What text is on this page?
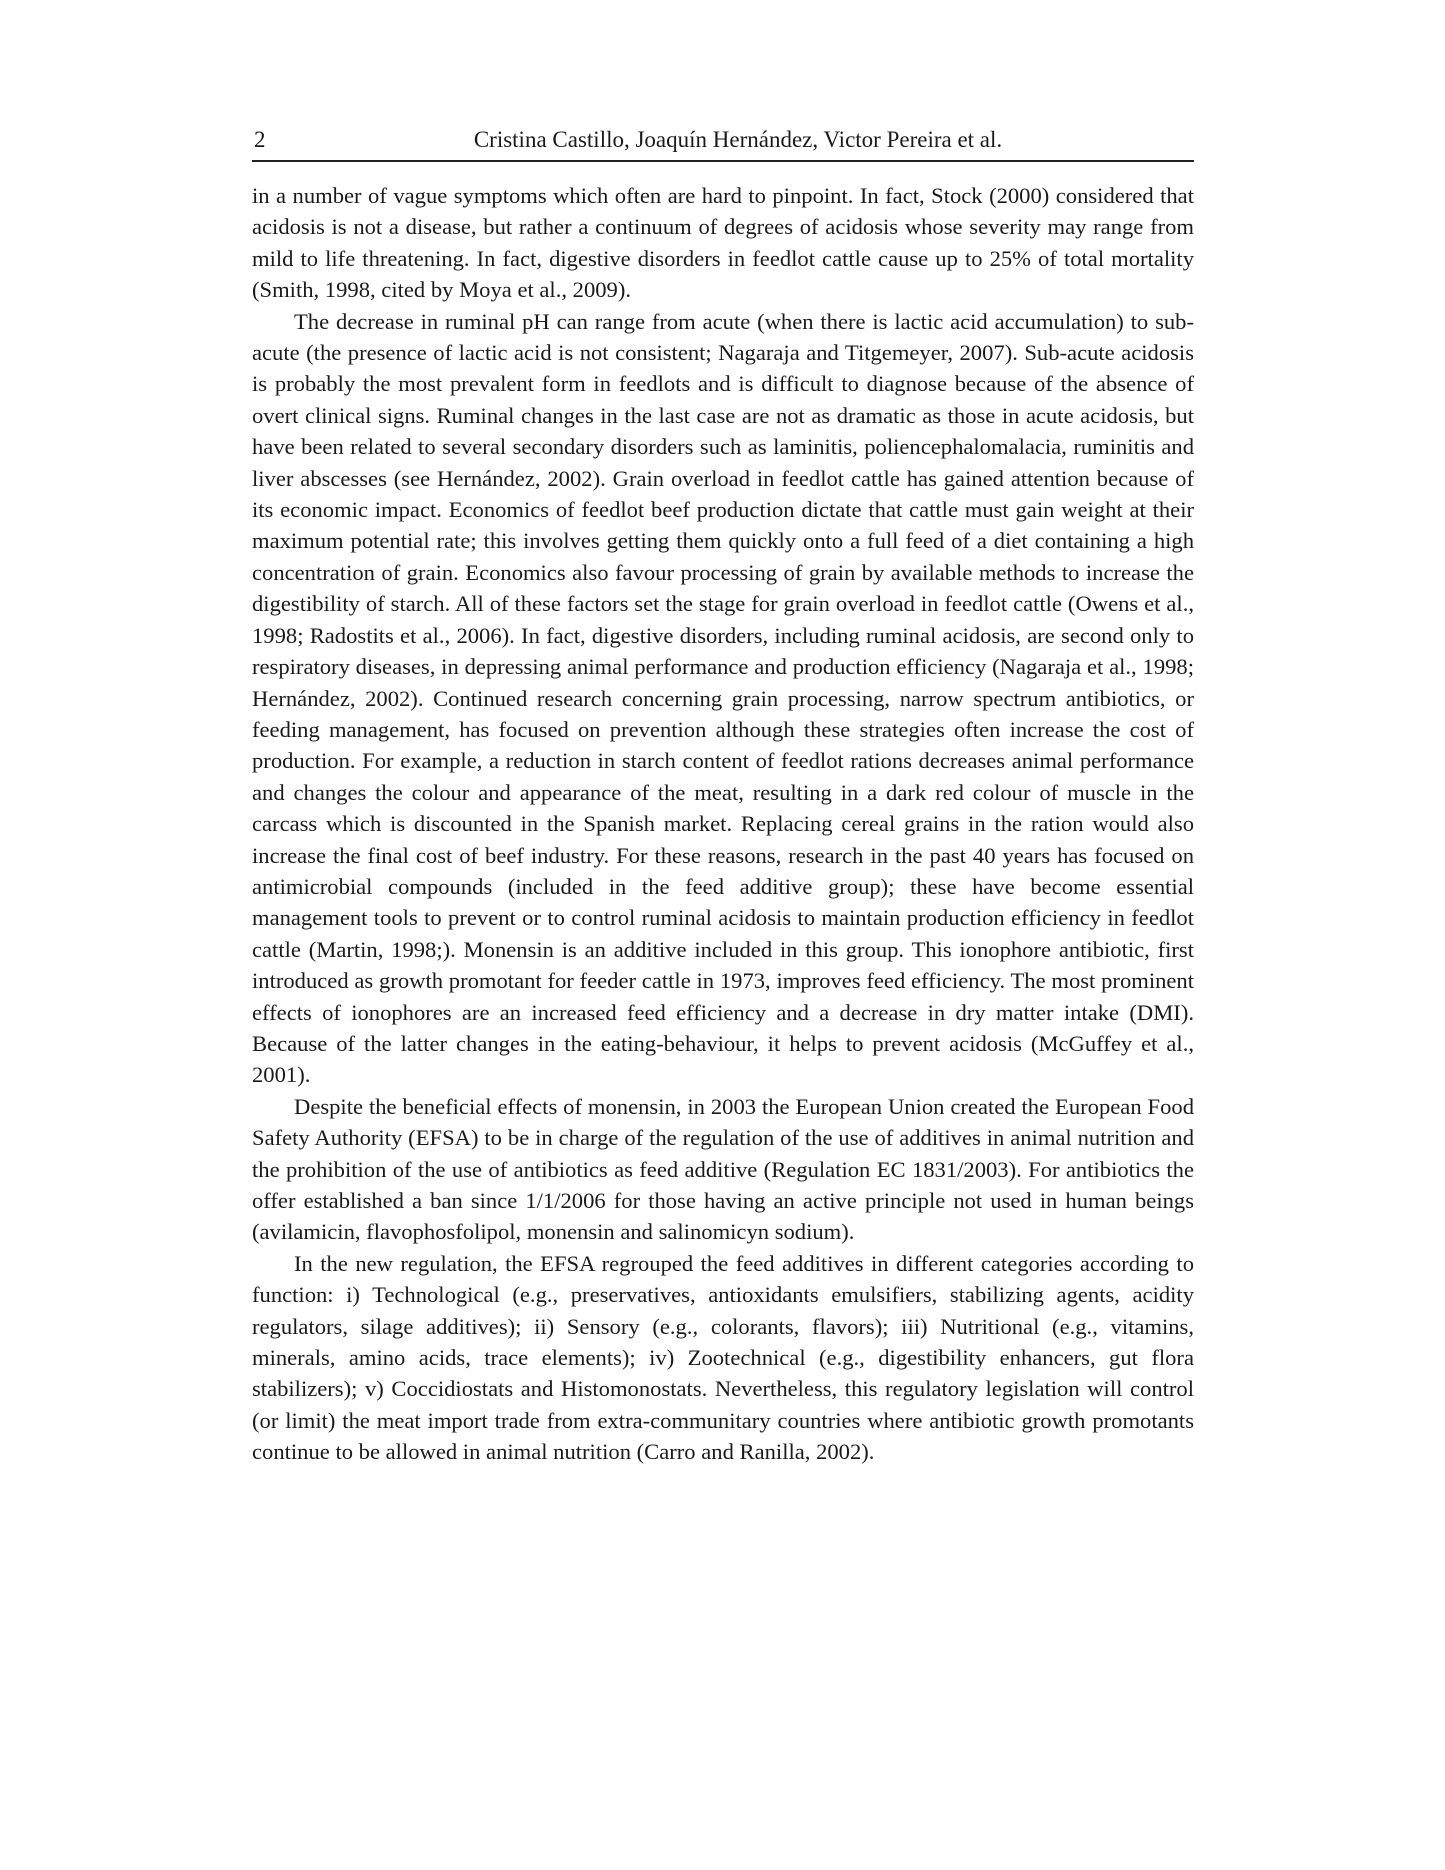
2	Cristina Castillo, Joaquín Hernández, Victor Pereira et al.

in a number of vague symptoms which often are hard to pinpoint. In fact, Stock (2000) considered that acidosis is not a disease, but rather a continuum of degrees of acidosis whose severity may range from mild to life threatening. In fact, digestive disorders in feedlot cattle cause up to 25% of total mortality (Smith, 1998, cited by Moya et al., 2009).

The decrease in ruminal pH can range from acute (when there is lactic acid accumulation) to sub-acute (the presence of lactic acid is not consistent; Nagaraja and Titgemeyer, 2007). Sub-acute acidosis is probably the most prevalent form in feedlots and is difficult to diagnose because of the absence of overt clinical signs. Ruminal changes in the last case are not as dramatic as those in acute acidosis, but have been related to several secondary disorders such as laminitis, poliencephalomalacia, ruminitis and liver abscesses (see Hernández, 2002). Grain overload in feedlot cattle has gained attention because of its economic impact. Economics of feedlot beef production dictate that cattle must gain weight at their maximum potential rate; this involves getting them quickly onto a full feed of a diet containing a high concentration of grain. Economics also favour processing of grain by available methods to increase the digestibility of starch. All of these factors set the stage for grain overload in feedlot cattle (Owens et al., 1998; Radostits et al., 2006). In fact, digestive disorders, including ruminal acidosis, are second only to respiratory diseases, in depressing animal performance and production efficiency (Nagaraja et al., 1998; Hernández, 2002). Continued research concerning grain processing, narrow spectrum antibiotics, or feeding management, has focused on prevention although these strategies often increase the cost of production. For example, a reduction in starch content of feedlot rations decreases animal performance and changes the colour and appearance of the meat, resulting in a dark red colour of muscle in the carcass which is discounted in the Spanish market. Replacing cereal grains in the ration would also increase the final cost of beef industry. For these reasons, research in the past 40 years has focused on antimicrobial compounds (included in the feed additive group); these have become essential management tools to prevent or to control ruminal acidosis to maintain production efficiency in feedlot cattle (Martin, 1998;). Monensin is an additive included in this group. This ionophore antibiotic, first introduced as growth promotant for feeder cattle in 1973, improves feed efficiency. The most prominent effects of ionophores are an increased feed efficiency and a decrease in dry matter intake (DMI). Because of the latter changes in the eating-behaviour, it helps to prevent acidosis (McGuffey et al., 2001).

Despite the beneficial effects of monensin, in 2003 the European Union created the European Food Safety Authority (EFSA) to be in charge of the regulation of the use of additives in animal nutrition and the prohibition of the use of antibiotics as feed additive (Regulation EC 1831/2003). For antibiotics the offer established a ban since 1/1/2006 for those having an active principle not used in human beings (avilamicin, flavophosfolipol, monensin and salinomicyn sodium).

In the new regulation, the EFSA regrouped the feed additives in different categories according to function: i) Technological (e.g., preservatives, antioxidants emulsifiers, stabilizing agents, acidity regulators, silage additives); ii) Sensory (e.g., colorants, flavors); iii) Nutritional (e.g., vitamins, minerals, amino acids, trace elements); iv) Zootechnical (e.g., digestibility enhancers, gut flora stabilizers); v) Coccidiostats and Histomonostats. Nevertheless, this regulatory legislation will control (or limit) the meat import trade from extra-communitary countries where antibiotic growth promotants continue to be allowed in animal nutrition (Carro and Ranilla, 2002).
